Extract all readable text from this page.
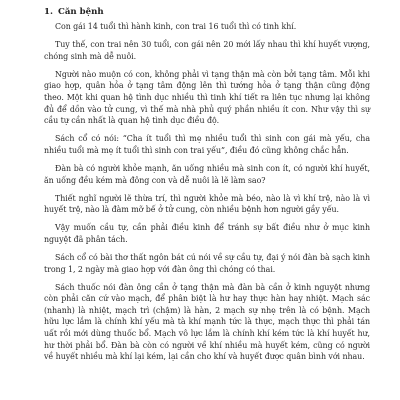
1. Căn bệnh

Con gái 14 tuổi thì hành kinh, con trai 16 tuổi thì có tinh khí.

Tuy thế, con trai nên 30 tuổi, con gái nên 20 mới lấy nhau thì khí huyết vượng, chóng sinh mà dễ nuôi.

Người nào muộn có con, không phải vì tạng thận mà còn bởi tạng tâm. Mỗi khi giao hợp, quân hỏa ở tạng tâm động lên thì tướng hỏa ở tạng thận cũng động theo. Một khi quan hệ tình dục nhiều thì tinh khí tiết ra liên tục nhưng lại không đủ để dồn vào tử cung, vì thế mà nhà phủ quý phần nhiều ít con. Như vậy thì sự cầu tự cần nhất là quan hệ tình dục điều độ.

Sách cổ có nói: “Cha ít tuổi thì mẹ nhiều tuổi thì sinh con gái mà yếu, cha nhiều tuổi mà mẹ ít tuổi thì sinh con trai yếu”, điều đó cũng không chắc hẳn.

Đàn bà có người khỏe mạnh, ăn uống nhiều mà sinh con ít, có người khí huyết, ăn uống đều kém mà đông con và dễ nuôi là lẽ làm sao?

Thiết nghĩ người lẽ thừa trí, thì người khỏe mà béo, nào là vì khí trệ, nào là vì huyết trệ, nào là đàm mỡ bế ở tử cung, còn nhiều bệnh hơn người gầy yếu.

Vậy muốn cầu tự, cần phải điều kinh để tránh sự bất điều như ở mục kinh nguyệt đã phân tách.

Sách cổ có bài thơ thất ngôn bát cú nói về sự cầu tự, đại ý nói đàn bà sạch kinh trong 1, 2 ngày mà giao hợp với đàn ông thì chóng có thai.

Sách thuốc nói đàn ông cần ở tạng thận mà đàn bà cần ở kinh nguyệt nhưng còn phải căn cứ vào mạch, để phân biệt là hư hay thực hàn hay nhiệt. Mạch sác (nhanh) là nhiệt, mạch trì (chậm) là hàn, 2 mạch sự nhẹ trên là có bệnh. Mạch hữu lực lắm là chính khí yếu mà tà khí mạnh tức là thực, mạch thực thì phải tán uất rồi mới dùng thuốc bổ. Mạch vô lực lắm là chính khí kém tức là khí huyết hư, hư thời phải bổ. Đàn bà còn có người về khí nhiều mà huyết kém, cũng có người về huyết nhiều mà khí lại kém, lại cần cho khí và huyết được quân bình với nhau.
